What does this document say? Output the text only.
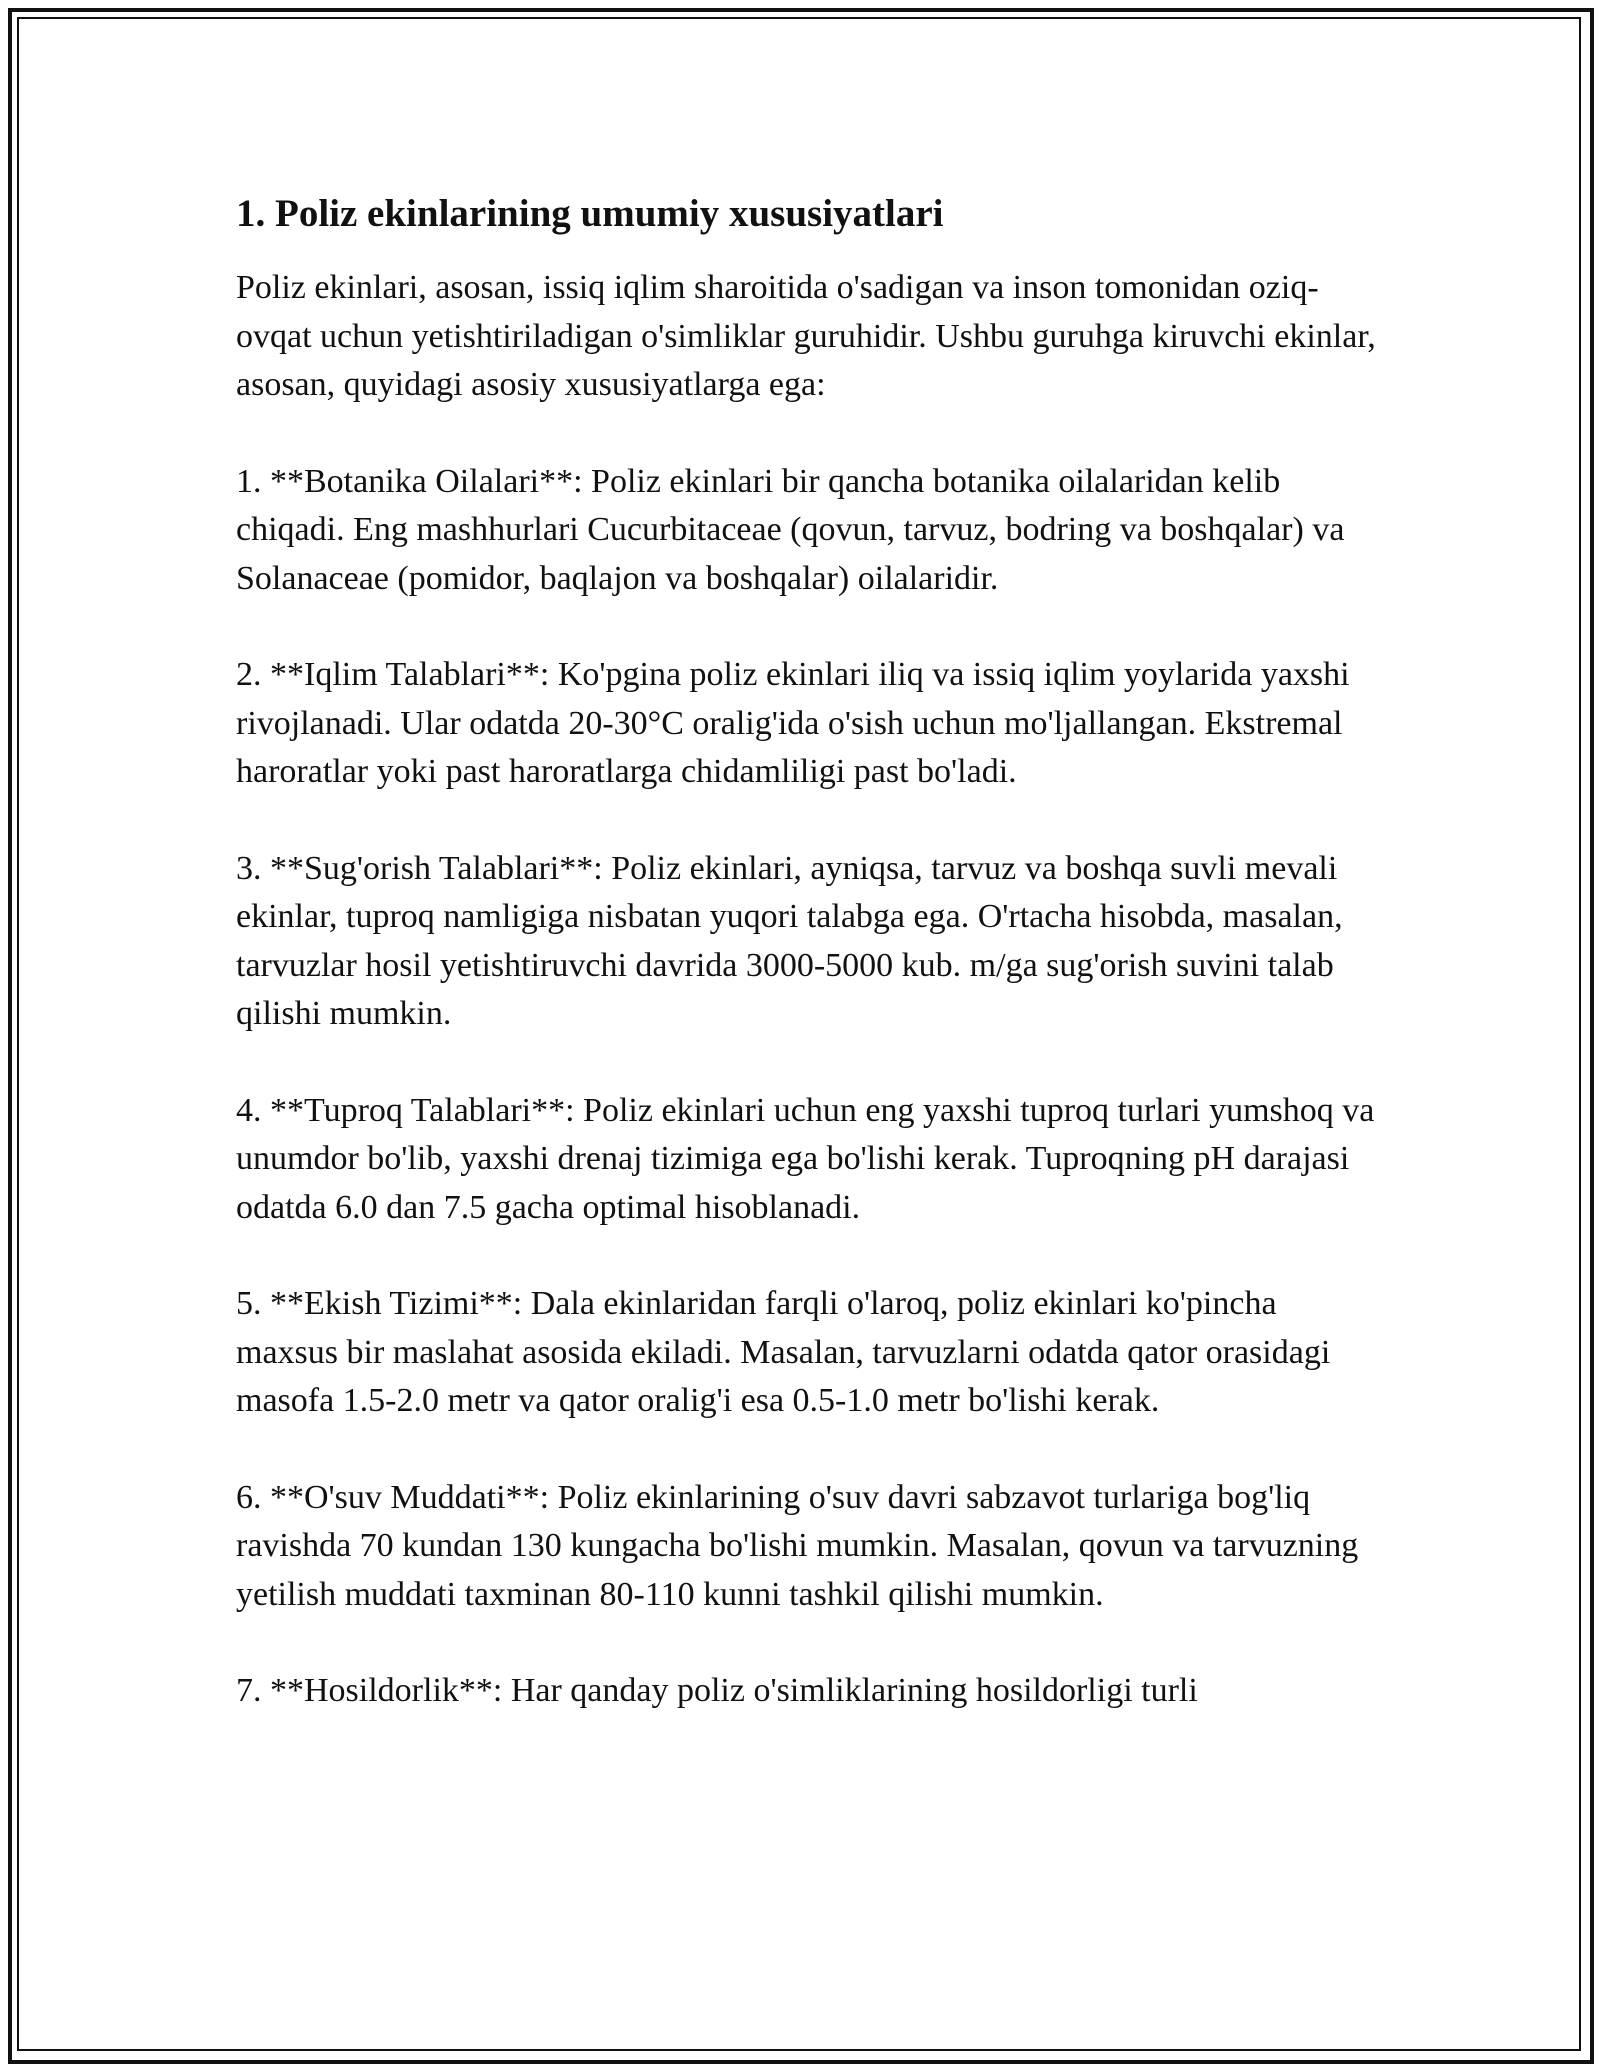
1. Poliz ekinlarining umumiy xususiyatlari

Poliz ekinlari, asosan, issiq iqlim sharoitida o'sadigan va inson tomonidan oziq-ovqat uchun yetishtiriladigan o'simliklar guruhidir. Ushbu guruhga kiruvchi ekinlar, asosan, quyidagi asosiy xususiyatlarga ega:

1. **Botanika Oilalari**: Poliz ekinlari bir qancha botanika oilalaridan kelib chiqadi. Eng mashhurlari Cucurbitaceae (qovun, tarvuz, bodring va boshqalar) va Solanaceae (pomidor, baqlajon va boshqalar) oilalaridir.

2. **Iqlim Talablari**: Ko'pgina poliz ekinlari iliq va issiq iqlim yoylarida yaxshi rivojlanadi. Ular odatda 20-30°C oralig'ida o'sish uchun mo'ljallangan. Ekstremal haroratlar yoki past haroratlarga chidamliligi past bo'ladi.

3. **Sug'orish Talablari**: Poliz ekinlari, ayniqsa, tarvuz va boshqa suvli mevali ekinlar, tuproq namligiga nisbatan yuqori talabga ega. O'rtacha hisobda, masalan, tarvuzlar hosil yetishtiruvchi davrida 3000-5000 kub. m/ga sug'orish suvini talab qilishi mumkin.

4. **Tuproq Talablari**: Poliz ekinlari uchun eng yaxshi tuproq turlari yumshoq va unumdor bo'lib, yaxshi drenaj tizimiga ega bo'lishi kerak. Tuproqning pH darajasi odatda 6.0 dan 7.5 gacha optimal hisoblanadi.

5. **Ekish Tizimi**: Dala ekinlaridan farqli o'laroq, poliz ekinlari ko'pincha maxsus bir maslahat asosida ekiladi. Masalan, tarvuzlarni odatda qator orasidagi masofa 1.5-2.0 metr va qator oralig'i esa 0.5-1.0 metr bo'lishi kerak.

6. **O'suv Muddati**: Poliz ekinlarining o'suv davri sabzavot turlariga bog'liq ravishda 70 kundan 130 kungacha bo'lishi mumkin. Masalan, qovun va tarvuzning yetilish muddati taxminan 80-110 kunni tashkil qilishi mumkin.

7. **Hosildorlik**: Har qanday poliz o'simliklarining hosildorligi turli
